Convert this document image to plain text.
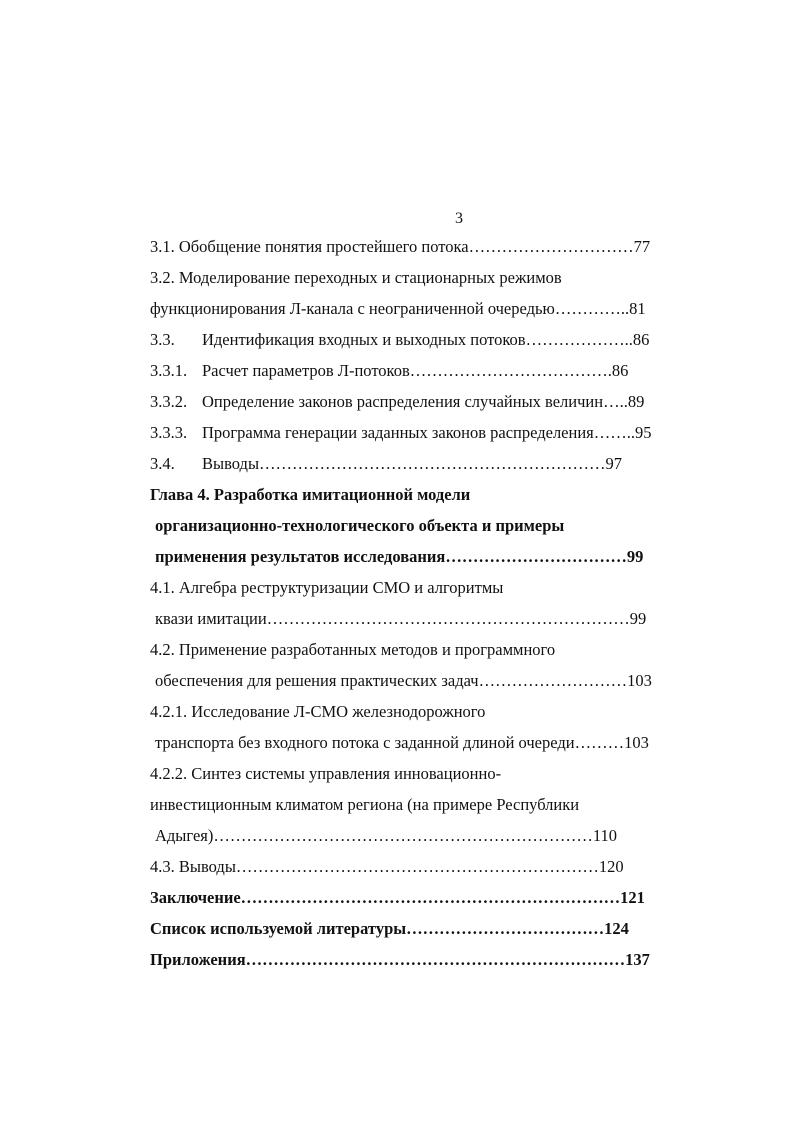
3
3.1. Обобщение понятия простейшего потока…………………………77
3.2. Моделирование переходных и стационарных режимов
функционирования Л-канала с неограниченной очередью…………..81
3.3. Идентификация входных и выходных потоков………………..86
3.3.1. Расчет параметров Л-потоков……………………………….86
3.3.2. Определение законов распределения случайных величин…..89
3.3.3. Программа генерации заданных законов распределения……..95
3.4. Выводы………………………………………………………97
Глава 4. Разработка имитационной модели
организационно-технологического объекта и примеры
применения результатов исследования……………………………99
4.1. Алгебра реструктуризации СМО и алгоритмы
квази имитации…………………………………………………………99
4.2. Применение разработанных методов и программного
обеспечения для решения практических задач………………………103
4.2.1. Исследование Л-СМО железнодорожного
транспорта без входного потока с заданной длиной очереди………103
4.2.2. Синтез системы управления инновационно-
инвестиционным климатом региона (на примере Республики
Адыгея)……………………………………………………………110
4.3. Выводы…………………………………………………………120
Заключение……………………………………………………………121
Список используемой литературы………………………………124
Приложения……………………………………………………………137
